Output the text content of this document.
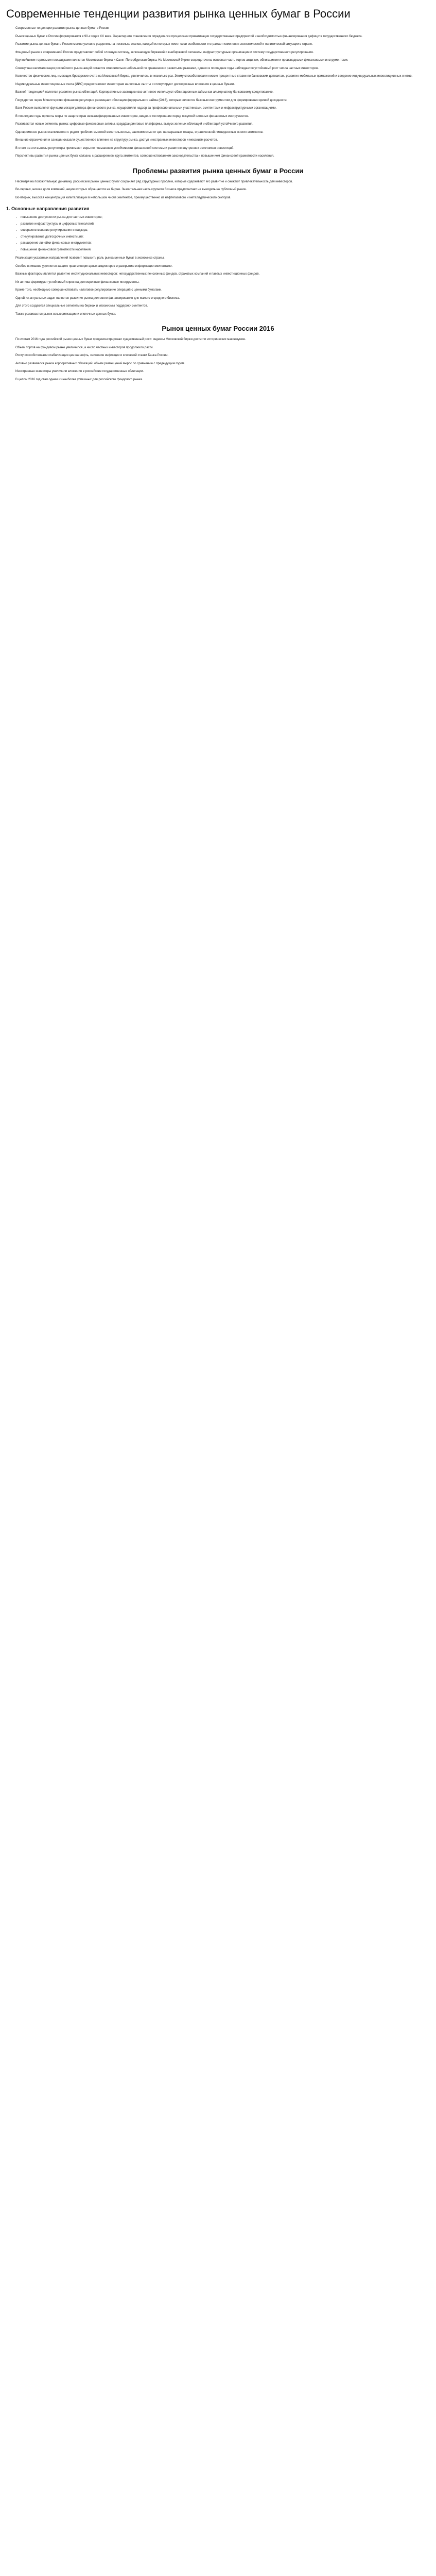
Современные тенденции развития рынка ценных бумаг в России

Современные тенденции развития рынка ценных бумаг в России

Рынок ценных бумаг в России формировался в 90-х годах XX века. Характер его становления определялся процессами приватизации государственных предприятий и необходимостью финансирования дефицита государственного бюджета.

Развитие рынка ценных бумаг в России можно условно разделить на несколько этапов, каждый из которых имеет свои особенности и отражает изменения экономической и политической ситуации в стране.

Фондовый рынок в современной России представляет собой сложную систему, включающую биржевой и внебиржевой сегменты, инфраструктурные организации и систему государственного регулирования.

Крупнейшими торговыми площадками являются Московская биржа и Санкт-Петербургская биржа. На Московской бирже сосредоточена основная часть торгов акциями, облигациями и производными финансовыми инструментами.

Совокупная капитализация российского рынка акций остается относительно небольшой по сравнению с развитыми рынками, однако в последние годы наблюдается устойчивый рост числа частных инвесторов.

Количество физических лиц, имеющих брокерские счета на Московской бирже, увеличилось в несколько раз. Этому способствовали низкие процентные ставки по банковским депозитам, развитие мобильных приложений и введение индивидуальных инвестиционных счетов.

Индивидуальные инвестиционные счета (ИИС) предоставляют инвесторам налоговые льготы и стимулируют долгосрочные вложения в ценные бумаги.

Важной тенденцией является развитие рынка облигаций. Корпоративные заемщики все активнее используют облигационные займы как альтернативу банковскому кредитованию.

Государство через Министерство финансов регулярно размещает облигации федерального займа (ОФЗ), которые являются базовым инструментом для формирования кривой доходности.

Банк России выполняет функции мегарегулятора финансового рынка, осуществляя надзор за профессиональными участниками, эмитентами и инфраструктурными организациями.

В последние годы приняты меры по защите прав неквалифицированных инвесторов, введено тестирование перед покупкой сложных финансовых инструментов.

Развиваются новые сегменты рынка: цифровые финансовые активы, краудфандинговые платформы, выпуск зеленых облигаций и облигаций устойчивого развития.

Одновременно рынок сталкивается с рядом проблем: высокой волатильностью, зависимостью от цен на сырьевые товары, ограниченной ликвидностью многих эмитентов.

Внешние ограничения и санкции оказали существенное влияние на структуру рынка, доступ иностранных инвесторов и механизм расчетов.

В ответ на эти вызовы регуляторы принимают меры по повышению устойчивости финансовой системы и развитию внутренних источников инвестиций.

Перспективы развития рынка ценных бумаг связаны с расширением круга эмитентов, совершенствованием законодательства и повышением финансовой грамотности населения.

Проблемы развития рынка ценных бумаг в России

Несмотря на положительную динамику, российский рынок ценных бумаг сохраняет ряд структурных проблем, которые сдерживают его развитие и снижают привлекательность для инвесторов.

Во-первых, низкая доля компаний, акции которых обращаются на бирже. Значительная часть крупного бизнеса предпочитает не выходить на публичный рынок.

Во-вторых, высокая концентрация капитализации в небольшом числе эмитентов, преимущественно из нефтегазового и металлургического секторов.

1. Основные направления развития
• повышение доступности рынка для частных инвесторов;
• развитие инфраструктуры и цифровых технологий;
• совершенствование регулирования и надзора;
• стимулирование долгосрочных инвестиций;
• расширение линейки финансовых инструментов;
• повышение финансовой грамотности населения.

Реализация указанных направлений позволит повысить роль рынка ценных бумаг в экономике страны.

Особое внимание уделяется защите прав миноритарных акционеров и раскрытию информации эмитентами.

Важным фактором является развитие институциональных инвесторов: негосударственных пенсионных фондов, страховых компаний и паевых инвестиционных фондов.

Их активы формируют устойчивый спрос на долгосрочные финансовые инструменты.

Кроме того, необходимо совершенствовать налоговое регулирование операций с ценными бумагами.

Одной из актуальных задач является развитие рынка долгового финансирования для малого и среднего бизнеса.

Для этого создаются специальные сегменты на биржах и механизмы поддержки эмитентов.

Также развивается рынок секьюритизации и ипотечных ценных бумаг.

Рынок ценных бумаг России 2016

По итогам 2016 года российский рынок ценных бумаг продемонстрировал существенный рост: индексы Московской биржи достигли исторических максимумов.

Объем торгов на фондовом рынке увеличился, а число частных инвесторов продолжило расти.

Росту способствовали стабилизация цен на нефть, снижение инфляции и ключевой ставки Банка России.

Активно развивался рынок корпоративных облигаций: объем размещений вырос по сравнению с предыдущим годом.

Иностранные инвесторы увеличили вложения в российские государственные облигации.

В целом 2016 год стал одним из наиболее успешных для российского фондового рынка.
